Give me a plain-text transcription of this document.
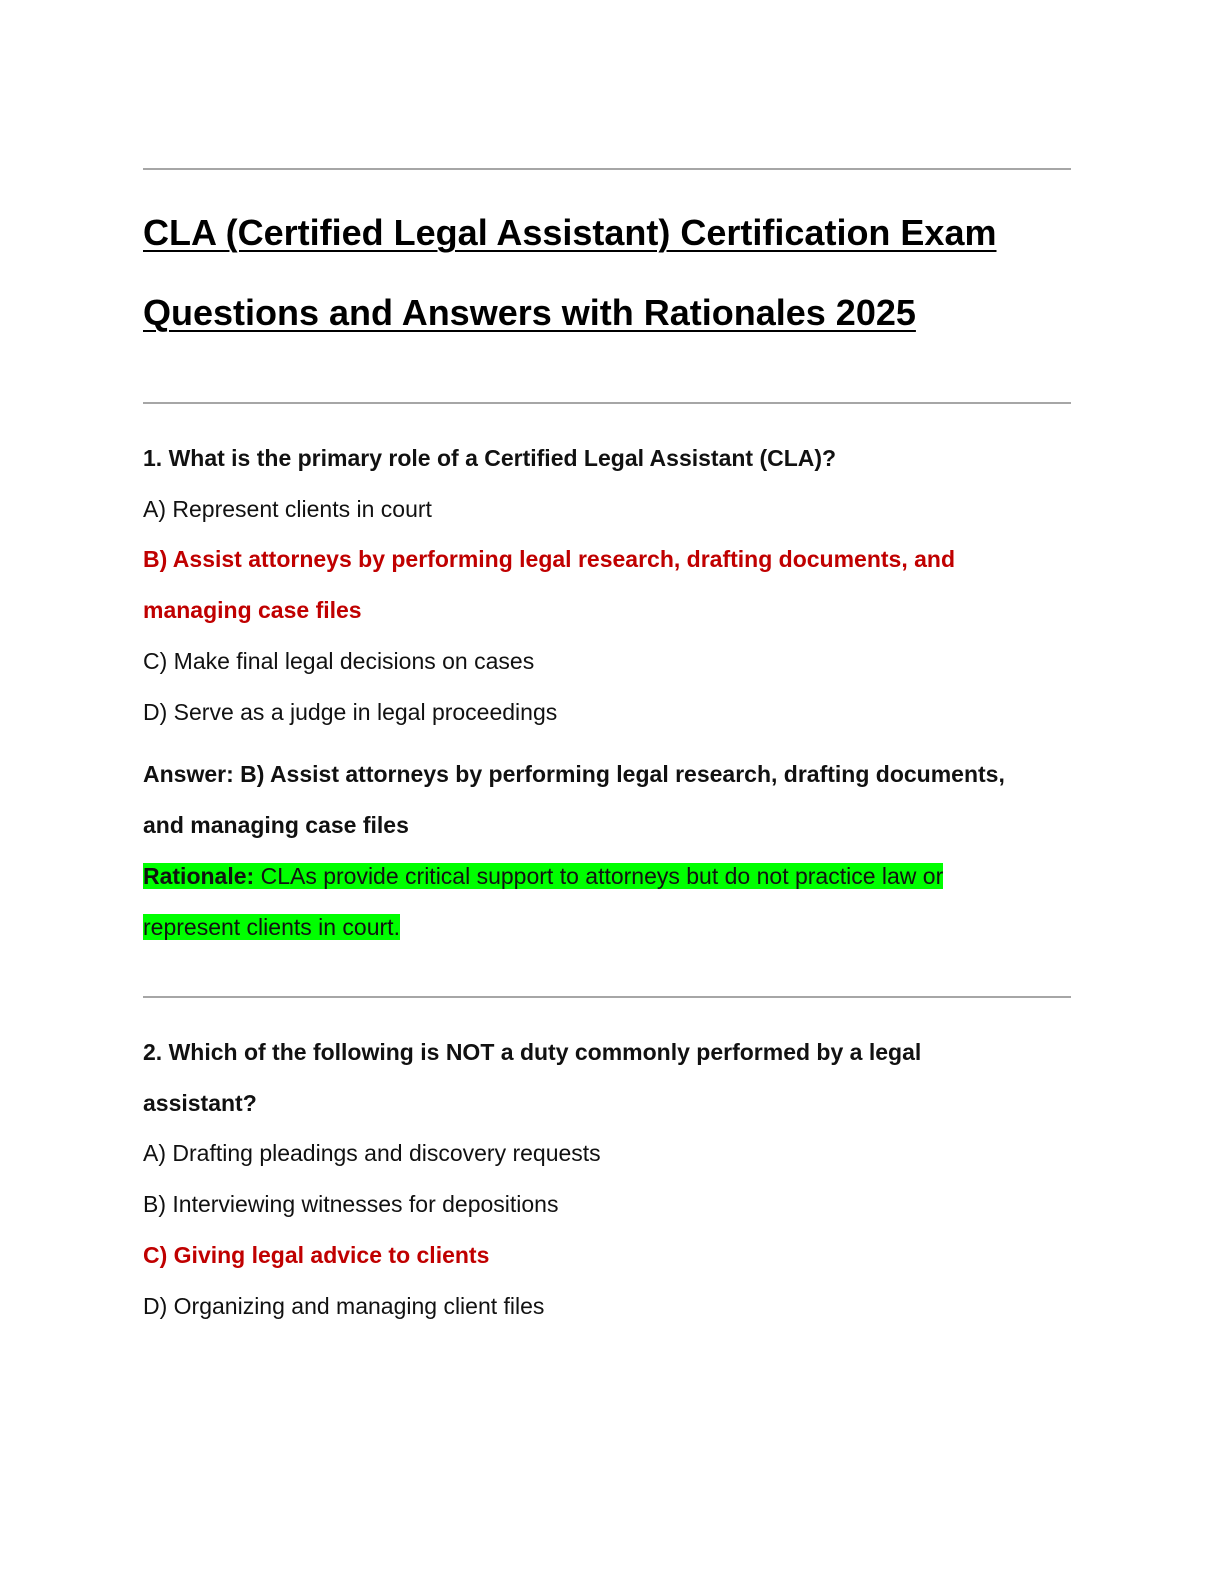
CLA (Certified Legal Assistant) Certification Exam
Questions and Answers with Rationales 2025
1. What is the primary role of a Certified Legal Assistant (CLA)?
A) Represent clients in court
B) Assist attorneys by performing legal research, drafting documents, and
managing case files
C) Make final legal decisions on cases
D) Serve as a judge in legal proceedings
Answer: B) Assist attorneys by performing legal research, drafting documents,
and managing case files
Rationale: CLAs provide critical support to attorneys but do not practice law or
represent clients in court.
2. Which of the following is NOT a duty commonly performed by a legal
assistant?
A) Drafting pleadings and discovery requests
B) Interviewing witnesses for depositions
C) Giving legal advice to clients
D) Organizing and managing client files
